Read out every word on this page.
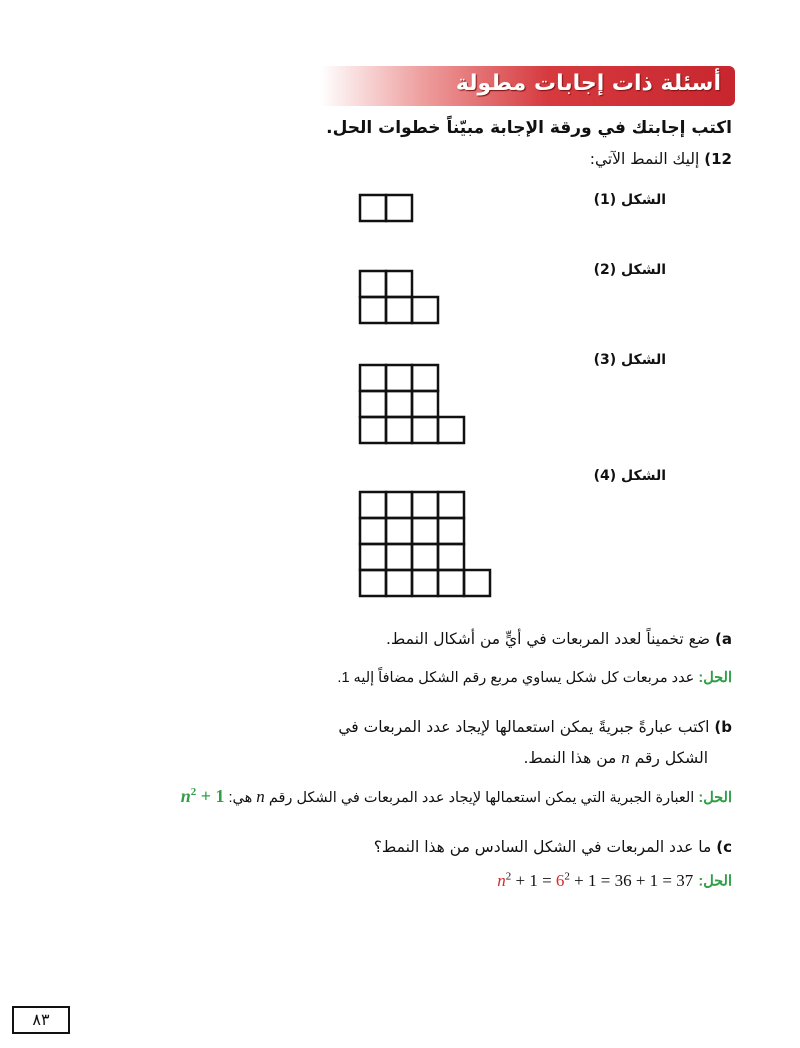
أسئلة ذات إجابات مطولة
اكتب إجابتك في ورقة الإجابة مبيّناً خطوات الحل.
12) إليك النمط الآتي:
الشكل (1)
الشكل (2)
الشكل (3)
الشكل (4)
a) ضع تخميناً لعدد المربعات في أيٍّ من أشكال النمط.
الحل: عدد مربعات كل شكل يساوي مربع رقم الشكل مضافاً إليه 1.
b) اكتب عبارةً جبريةً يمكن استعمالها لإيجاد عدد المربعات في
الشكل رقم n من هذا النمط.
الحل: العبارة الجبرية التي يمكن استعمالها لإيجاد عدد المربعات في الشكل رقم n هي: $n^2 + 1$
c) ما عدد المربعات في الشكل السادس من هذا النمط؟
الحل: $n^2 + 1 = 6^2 + 1 = 36 + 1 = 37$
٨٣
